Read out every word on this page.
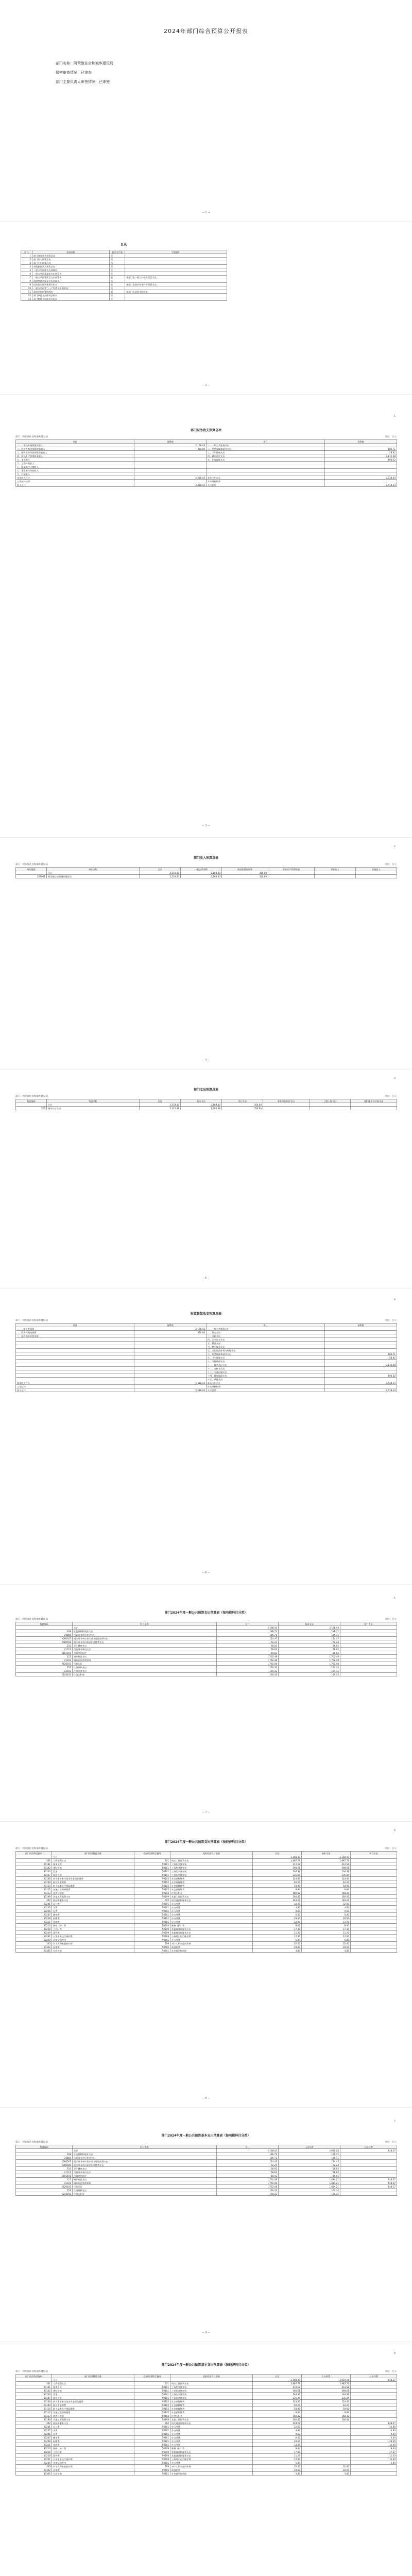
2024年部门综合预算公开报表
部门名称：阿荣旗住房和城乡建设局
保密审查情况：已审查
部门主要负责人审签情况：已审签
— 1 —
目录
序号	报表名称	是否为空表	空表说明
1	部门财务收支预算总表	否	
2	部门收入预算总表	否	
3	部门支出预算总表	否	
4	财政拨款收支预算总表	否	
5	一般公共预算支出预算表	否	
6	一般公共预算基本支出预算表	否	
7	一般公共预算项目支出预算表	是	本部门无一般公共预算项目支出。
8	政府性基金预算支出预算表	否	
9	国有资本经营预算支出表	是	本部门无国有资本经营预算支出。
10	一般公共预算“三公”经费支出预算表	否	
11	政府采购预算明细表	是	本部门无政府采购预算。
12	部门项目支出绩效目标表	否	
13	部门整体支出绩效目标表	否	
— 2 —
1
部门财务收支预算总表
部门：阿荣旗住房和城乡建设局	单位：万元
项目	预算数	项目	预算数
一、一般公共预算拨款收入	2,168.43	一、一般公共服务支出	
二、政府性基金预算拨款收入	350.00	二、社会保障和就业支出	186.71
三、国有资本经营预算拨款收入		三、卫生健康支出	58.92
四、财政专户管理资金收入		四、城乡社区支出	2,112.48
五、事业收入		五、住房保障支出	160.32
六、上级补助收入			
七、附属单位上缴收入			
八、事业单位经营收入			
九、其他收入			
本年收入合计	2,518.43	本年支出合计	2,518.43
上年结转结余		年末结转结余	
收入总计	2,518.43	支出总计	2,518.43
— 3 —
2
部门收入预算总表
部门：阿荣旗住房和城乡建设局	单位：万元
单位编码	单位名称	合计	一般公共预算	政府性基金预算	财政专户管理资金	事业收入	其他收入
	合计	2,518.43	2,168.43	350.00			
201001	阿荣旗住房和城乡建设局	2,518.43	2,168.43	350.00			
— 4 —
3
部门支出预算总表
部门：阿荣旗住房和城乡建设局	单位：万元
科目编码	科目名称	合计	基本支出	项目支出	事业单位经营支出	上缴上级支出	对附属单位补助支出
	合计	2,518.43	2,168.43	350.00			
212	城乡社区支出	2,112.48	1,762.48	350.00			
— 5 —
4
财政拨款收支预算总表
部门：阿荣旗住房和城乡建设局	单位：万元
项目	预算数	项目	预算数
一、一般公共预算	2,168.43	一、一般公共服务支出	
二、政府性基金预算	350.00	二、外交支出	
三、国有资本经营预算		三、国防支出	
		四、公共安全支出	
		五、教育支出	
		六、科学技术支出	
		七、文化旅游体育与传媒支出	
		八、社会保障和就业支出	186.71
		九、卫生健康支出	58.92
		十、节能环保支出	
		十一、城乡社区支出	2,112.48
		十二、农林水支出	
		十三、交通运输支出	
		十四、住房保障支出	160.32
		十五、其他支出	
本年收入合计	2,518.43	本年支出合计	2,518.43
上年结转		年末结转结余	
收入总计	2,518.43	支出总计	2,518.43
— 6 —
5
部门2024年度一般公共预算支出预算表（按功能科目分类）
部门：阿荣旗住房和城乡建设局	单位：万元
科目编码	科目名称	合计	基本支出	项目支出
	合计	2,168.43	2,168.43	
208	社会保障和就业支出	186.71	186.71	
20805	行政事业单位养老支出	186.71	186.71	
2080505	机关事业单位基本养老保险缴费支出	124.47	124.47	
2080506	机关事业单位职业年金缴费支出	62.24	62.24	
210	卫生健康支出	58.92	58.92	
21011	行政事业单位医疗	58.92	58.92	
2101101	行政单位医疗	58.92	58.92	
212	城乡社区支出	1,762.48	1,762.48	
21201	城乡社区管理事务	1,762.48	1,762.48	
2120101	行政运行	1,762.48	1,762.48	
221	住房保障支出	160.32	160.32	
22102	住房改革支出	160.32	160.32	
2210201	住房公积金	160.32	160.32	
— 7 —
6
部门2024年度一般公共预算支出预算表（按经济科目分类）
部门：阿荣旗住房和城乡建设局	单位：万元
部门经济科目编码	部门经济科目名称	政府经济科目编码	政府经济科目名称	合计	基本支出	项目支出
	合计			2,168.43	2,168.43	
301	工资福利支出	501	机关工资福利支出	1,987.76	1,987.76	
30101	基本工资	50101	工资奖金津补贴	412.58	412.58	
30102	津贴补贴	50101	工资奖金津补贴	598.61	598.61	
30103	奖金	50101	工资奖金津补贴	164.32	164.32	
30107	绩效工资	50101	工资奖金津补贴	236.04	236.04	
30108	机关事业单位基本养老保险缴费	50102	社会保障缴费	124.47	124.47	
30109	职业年金缴费	50102	社会保障缴费	62.24	62.24	
30110	职工基本医疗保险缴费	50102	社会保障缴费	58.92	58.92	
30112	其他社会保障缴费	50102	社会保障缴费	9.84	9.84	
30113	住房公积金	50103	住房公积金	160.32	160.32	
30199	其他工资福利支出	50199	其他工资福利支出	160.42	160.42	
302	商品和服务支出	502	机关商品和服务支出	148.27	148.27	
30201	办公费	50201	办公经费	32.60	32.60	
30205	水费	50201	办公经费	4.80	4.80	
30206	电费	50201	办公经费	9.60	9.60	
30207	邮电费	50201	办公经费	6.40	6.40	
30208	取暖费	50201	办公经费	28.50	28.50	
30211	差旅费	50201	办公经费	12.00	12.00	
30213	维修（护）费	50209	维修（护）费	8.00	8.00	
30228	工会经费	50299	其他商品和服务支出	17.37	17.37	
30229	福利费	50299	其他商品和服务支出	11.20	11.20	
30231	公务用车运行维护费	50208	公务用车运行维护费	12.00	12.00	
30239	其他交通费用	50201	办公经费	5.80	5.80	
303	对个人和家庭的补助	509	对个人和家庭的补助	32.40	32.40	
30302	退休费	50905	离退休费	28.60	28.60	
30305	生活补助	50901	社会福利和救助	3.80	3.80	
— 8 —
7
部门2024年度一般公共预算基本支出预算表（按功能科目分类）
部门：阿荣旗住房和城乡建设局	单位：万元
科目编码	科目名称	合计	人员经费	公用经费
	合计	2,168.43	2,020.16	148.27
208	社会保障和就业支出	186.71	186.71	
20805	行政事业单位养老支出	186.71	186.71	
2080505	机关事业单位基本养老保险缴费支出	124.47	124.47	
2080506	机关事业单位职业年金缴费支出	62.24	62.24	
210	卫生健康支出	58.92	58.92	
21011	行政事业单位医疗	58.92	58.92	
2101101	行政单位医疗	58.92	58.92	
212	城乡社区支出	1,762.48	1,614.21	148.27
21201	城乡社区管理事务	1,762.48	1,614.21	148.27
2120101	行政运行	1,762.48	1,614.21	148.27
221	住房保障支出	160.32	160.32	
2210201	住房公积金	160.32	160.32	
— 9 —
8
部门2024年度一般公共预算基本支出预算表（按经济科目分类）
部门：阿荣旗住房和城乡建设局	单位：万元
部门经济科目编码	部门经济科目名称	政府经济科目编码	政府经济科目名称	合计	人员经费	公用经费
	合计			2,168.43	2,020.16	148.27
301	工资福利支出	501	机关工资福利支出	1,987.76	1,987.76	
30101	基本工资	50101	工资奖金津补贴	412.58	412.58	
30102	津贴补贴	50101	工资奖金津补贴	598.61	598.61	
30103	奖金	50101	工资奖金津补贴	164.32	164.32	
30107	绩效工资	50101	工资奖金津补贴	236.04	236.04	
30108	机关事业单位基本养老保险缴费	50102	社会保障缴费	124.47	124.47	
30109	职业年金缴费	50102	社会保障缴费	62.24	62.24	
30110	职工基本医疗保险缴费	50102	社会保障缴费	58.92	58.92	
30112	其他社会保障缴费	50102	社会保障缴费	9.84	9.84	
30113	住房公积金	50103	住房公积金	160.32	160.32	
30199	其他工资福利支出	50199	其他工资福利支出	160.42	160.42	
302	商品和服务支出	502	机关商品和服务支出	148.27		148.27
30201	办公费	50201	办公经费	32.60		32.60
30205	水费	50201	办公经费	4.80		4.80
30206	电费	50201	办公经费	9.60		9.60
30207	邮电费	50201	办公经费	6.40		6.40
30208	取暖费	50201	办公经费	28.50		28.50
30211	差旅费	50201	办公经费	12.00		12.00
30213	维修（护）费	50209	维修（护）费	8.00		8.00
30228	工会经费	50299	其他商品和服务支出	17.37		17.37
30229	福利费	50299	其他商品和服务支出	11.20		11.20
30231	公务用车运行维护费	50208	公务用车运行维护费	12.00		12.00
30239	其他交通费用	50201	办公经费	5.80		5.80
303	对个人和家庭的补助	509	对个人和家庭的补助	32.40	32.40	
30302	退休费	50905	离退休费	28.60	28.60	
30305	生活补助	50901	社会福利和救助	3.80	3.80	
